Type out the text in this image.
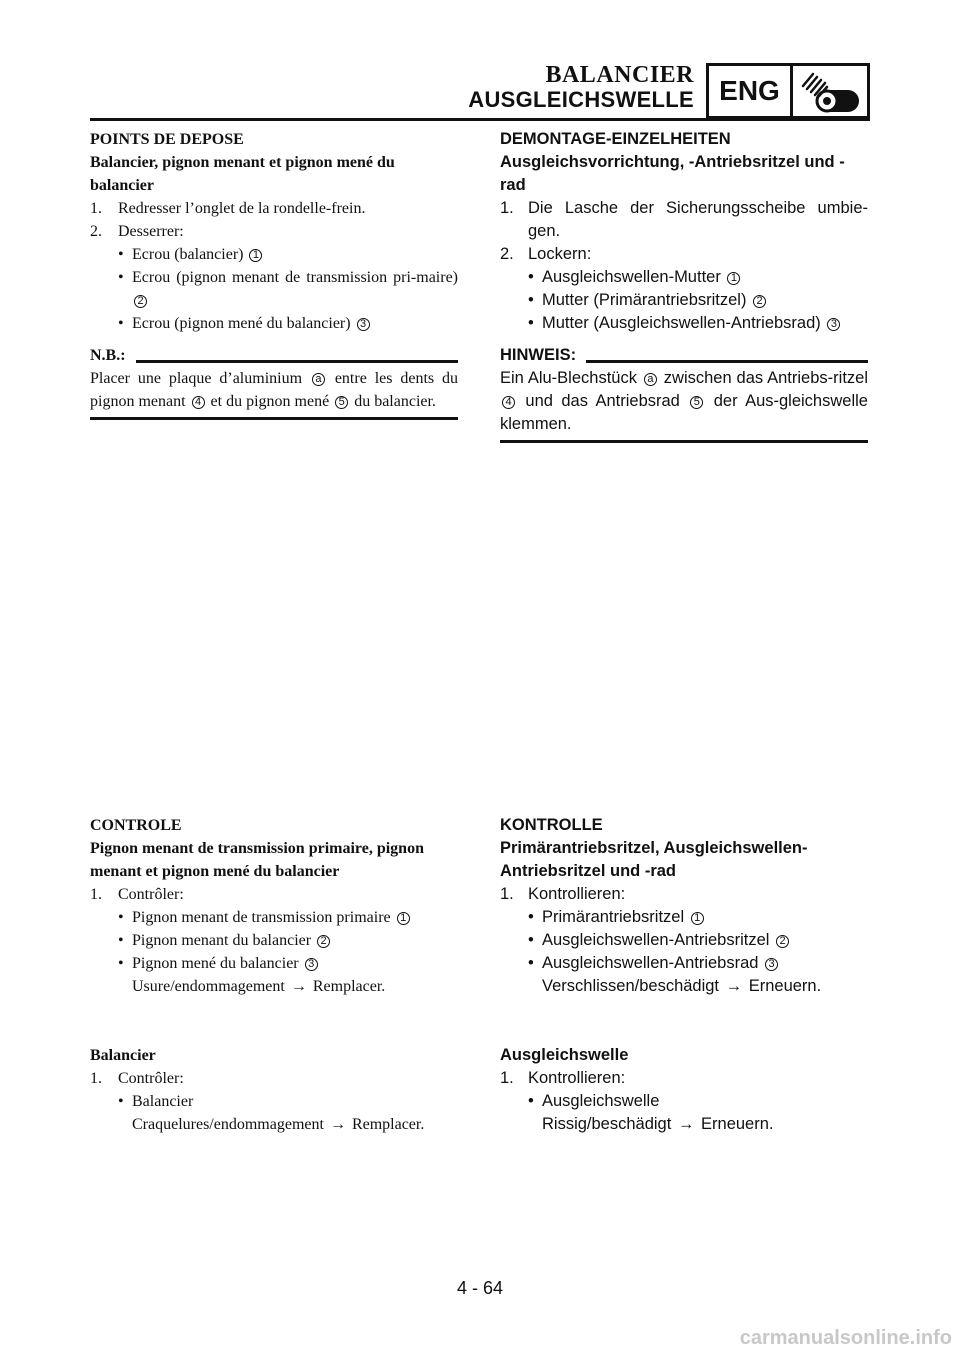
BALANCIER
AUSGLEICHSWELLE ENG

POINTS DE DEPOSE

Balancier, pignon menant et pignon mené du balancier

1.	Redresser l’onglet de la rondelle-frein.
2.	Desserrer:
• Ecrou (balancier) 1
• Ecrou (pignon menant de transmission pri-maire) 2
• Ecrou (pignon mené du balancier) 3
N.B.:

Placer une plaque d’aluminium a entre les dents du pignon menant 4 et du pignon mené 5 du balancier.

DEMONTAGE-EINZELHEITEN

Ausgleichsvorrichtung, -Antriebsritzel und -rad

1. Die Lasche der Sicherungsscheibe umbie-gen.
2. Lockern:
• Ausgleichswellen-Mutter 1
• Mutter (Primärantriebsritzel) 2
• Mutter (Ausgleichswellen-Antriebsrad) 3
HINWEIS:

Ein Alu-Blechstück a zwischen das Antriebs-ritzel 4 und das Antriebsrad 5 der Aus-gleichswelle klemmen.

CONTROLE

Pignon menant de transmission primaire, pignon menant et pignon mené du balancier

1.	Contrôler:
• Pignon menant de transmission primaire 1
• Pignon menant du balancier 2
• Pignon mené du balancier 3
Usure/endommagement → Remplacer.

Balancier

1.	Contrôler:
• Balancier
Craquelures/endommagement → Remplacer.

KONTROLLE

Primärantriebsritzel, Ausgleichswellen-Antriebsritzel und -rad

1. Kontrollieren:
• Primärantriebsritzel 1
• Ausgleichswellen-Antriebsritzel 2
• Ausgleichswellen-Antriebsrad 3
Verschlissen/beschädigt → Erneuern.

Ausgleichswelle

1. Kontrollieren:
• Ausgleichswelle
Rissig/beschädigt → Erneuern.
4 - 64
carmanualsonline.info
